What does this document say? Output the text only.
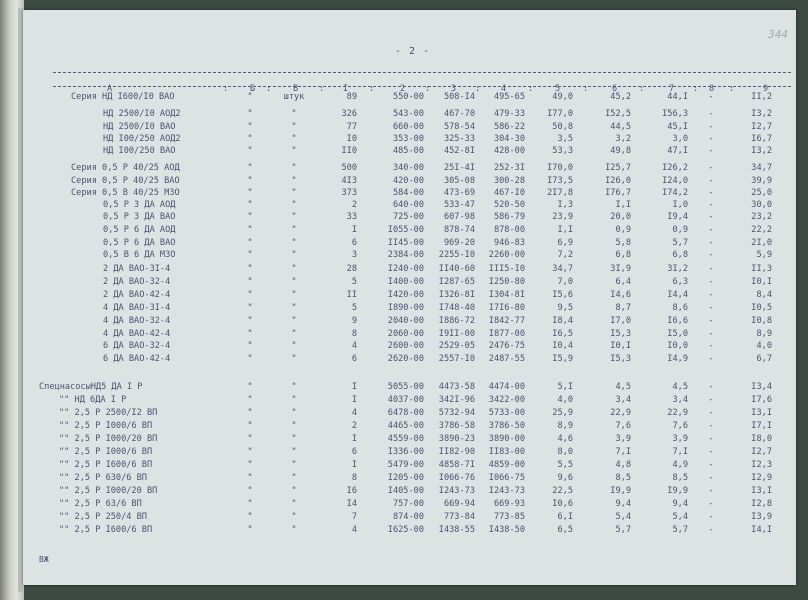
- 2 -
344
А	Б	В	I	2	3	4	5	6	7	8	9
:	:	:	:	:	:	:	:	:	:	:
Серия НД I600/I0 ВАО	"	штук	89	550-00	508-I4	495-65	49,0	45,2	44,I	-	II,2
НД 2500/I0 АОД2	"	"	326	543-00	467-70	479-33	I77,0	I52,5	I56,3	-	I3,2
НД 2500/I0 ВАО	"	"	77	660-00	578-54	586-22	50,8	44,5	45,I	-	I2,7
НД I00/250 АОД2	"	"	I0	353-00	325-33	304-30	3,5	3,2	3,0	-	I6,7
НД I00/250 ВАО	"	"	II0	485-00	452-8I	428-00	53,3	49,8	47,I	-	I3,2
Серия 0,5 Р 40/25 АОД	"	"	500	340-00	25I-4I	252-3I	I70,0	I25,7	I26,2	-	34,7
Серия 0,5 Р 40/25 ВАО	"	"	4I3	420-00	305-08	300-28	I73,5	I26,0	I24,0	-	39,9
Серия 0,5 В 40/25 МЗО	"	"	373	584-00	473-69	467-I0	2I7,8	I76,7	I74,2	-	25,0
0,5 Р 3 ДА АОД	"	"	2	640-00	533-47	520-50	I,3	I,I	I,0	-	30,0
0,5 Р 3 ДА ВАО	"	"	33	725-00	607-98	586-79	23,9	20,0	I9,4	-	23,2
0,5 Р 6 ДА АОД	"	"	I	I055-00	878-74	878-00	I,I	0,9	0,9	-	22,2
0,5 Р 6 ДА ВАО	"	"	6	II45-00	969-20	946-83	6,9	5,8	5,7	-	2I,0
0,5 В 6 ДА МЗО	"	"	3	2384-00	2255-I0	2260-00	7,2	6,8	6,8	-	5,9
2 ДА ВАО-3I-4	"	"	28	I240-00	II40-60	III5-I0	34,7	3I,9	3I,2	-	II,3
2 ДА ВАО-32-4	"	"	5	I400-00	I287-65	I250-80	7,0	6,4	6,3	-	I0,I
2 ДА ВАО-42-4	"	"	II	I420-00	I326-8I	I304-8I	I5,6	I4,6	I4,4	-	8,4
4 ДА ВАО-3I-4	"	"	5	I890-00	I748-40	I7I6-80	9,5	8,7	8,6	-	I0,5
4 ДА ВАО-32-4	"	"	9	2040-00	I886-72	I842-77	I8,4	I7,0	I6,6	-	I0,8
4 ДА ВАО-42-4	"	"	8	2060-00	I9II-00	I877-00	I6,5	I5,3	I5,0	-	8,9
6 ДА ВАО-32-4	"	"	4	2600-00	2529-05	2476-75	I0,4	I0,I	I0,0	-	4,0
6 ДА ВАО-42-4	"	"	6	2620-00	2557-I0	2487-55	I5,9	I5,3	I4,9	-	6,7
СпецнасосыНД5 ДА I Р	"	"	I	5055-00	4473-58	4474-00	5,I	4,5	4,5	-	I3,4
"" НД 6ДА I Р	"	"	I	4037-00	342I-96	3422-00	4,0	3,4	3,4	-	I7,6
"" 2,5 Р 2500/I2 ВП	"	"	4	6478-00	5732-94	5733-00	25,9	22,9	22,9	-	I3,I
"" 2,5 Р I000/6 ВП	"	"	2	4465-00	3786-58	3786-50	8,9	7,6	7,6	-	I7,I
"" 2,5 Р I000/20 ВП	"	"	I	4559-00	3890-23	3890-00	4,6	3,9	3,9	-	I8,0
"" 2,5 Р I000/6 ВП	"	"	6	I336-00	II82-90	II83-00	8,0	7,I	7,I	-	I2,7
"" 2,5 Р I600/6 ВП	"	"	I	5479-00	4858-7I	4859-00	5,5	4,8	4,9	-	I2,3
"" 2,5 Р 630/6 ВП	"	"	8	I205-00	I066-76	I066-75	9,6	8,5	8,5	-	I2,9
"" 2,5 Р I000/20 ВП	"	"	I6	I405-00	I243-73	I243-73	22,5	I9,9	I9,9	-	I3,I
"" 2,5 Р 63/6 ВП	"	"	I4	757-00	669-94	669-93	I0,6	9,4	9,4	-	I2,8
"" 2,5 Р 250/4 ВП	"	"	7	874-00	773-84	773-85	6,I	5,4	5,4	-	I3,9
"" 2,5 Р I600/6 ВП	"	"	4	I625-00	I438-55	I438-50	6,5	5,7	5,7	-	I4,I
ВЖ
